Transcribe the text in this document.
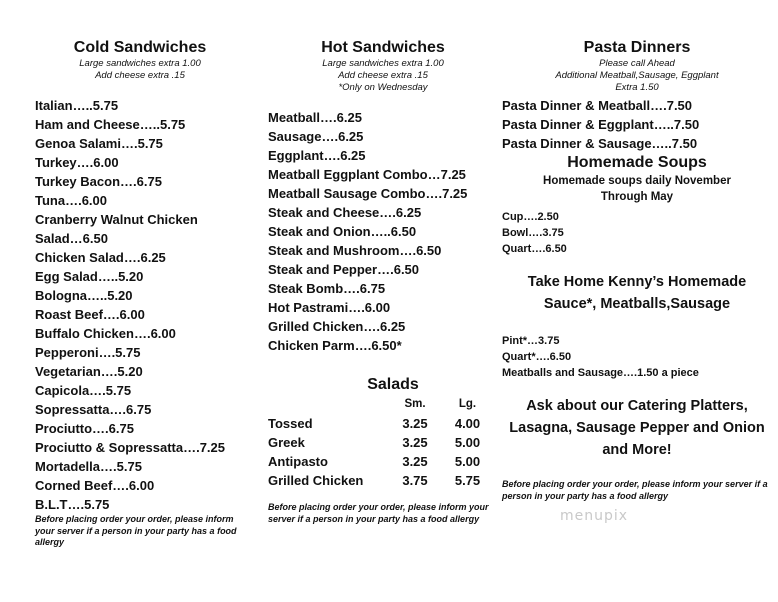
Cold Sandwiches

Large sandwiches extra 1.00

Add cheese extra .15

Italian…..5.75

Ham and Cheese…..5.75

Genoa Salami….5.75

Turkey….6.00

Turkey Bacon….6.75

Tuna….6.00

Cranberry Walnut Chicken

Salad…6.50

Chicken Salad….6.25

Egg Salad…..5.20

Bologna…..5.20

Roast Beef….6.00

Buffalo Chicken….6.00

Pepperoni….5.75

Vegetarian….5.20

Capicola….5.75

Sopressatta….6.75

Prociutto….6.75

Prociutto & Sopressatta….7.25

Mortadella….5.75

Corned Beef….6.00

B.L.T….5.75

Before placing order your order, please inform your server if a person in your party has a food allergy

Hot Sandwiches

Large sandwiches extra 1.00

Add cheese extra .15

*Only on Wednesday

Meatball….6.25

Sausage….6.25

Eggplant….6.25

Meatball Eggplant Combo…7.25

Meatball Sausage Combo….7.25

Steak and Cheese….6.25

Steak and Onion…..6.50

Steak and Mushroom….6.50

Steak and Pepper….6.50

Steak Bomb….6.75

Hot Pastrami….6.00

Grilled Chicken….6.25

Chicken Parm….6.50*

Salads

	Sm.	Lg.
Tossed	3.25	4.00
Greek	3.25	5.00
Antipasto	3.25	5.00
Grilled Chicken	3.75	5.75

Before placing order your order, please inform your server if a person in your party has a food allergy

Pasta Dinners

Please call Ahead

Additional Meatball,Sausage, Eggplant

Extra 1.50

Pasta Dinner & Meatball….7.50

Pasta Dinner & Eggplant…..7.50

Pasta Dinner & Sausage…..7.50

Homemade Soups

Homemade soups daily November Through May

Cup….2.50

Bowl….3.75

Quart….6.50

Take Home Kenny’s Homemade Sauce*, Meatballs,Sausage

Pint*…3.75

Quart*….6.50

Meatballs and Sausage….1.50 a piece

Ask about our Catering Platters, Lasagna, Sausage Pepper and Onion and More!

Before placing order your order, please inform your server if a person in your party has a food allergy

menupix
